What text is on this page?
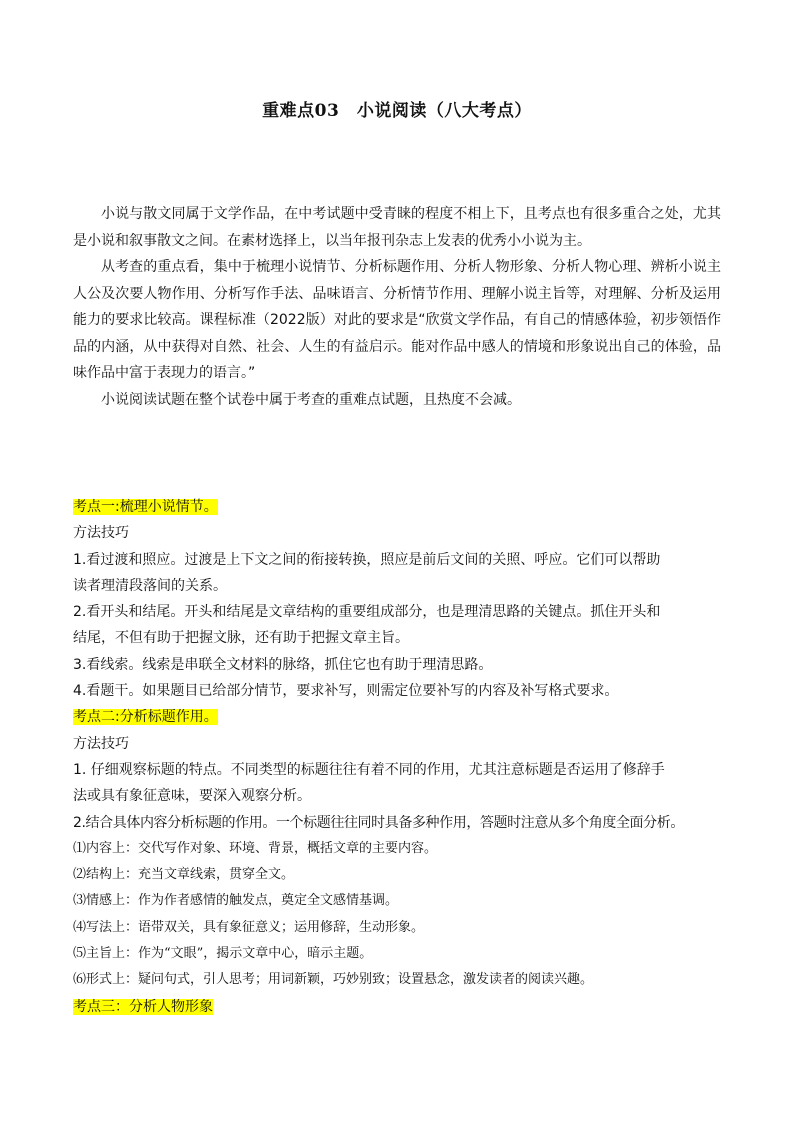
重难点03　小说阅读（八大考点）

小说与散文同属于文学作品，在中考试题中受青睐的程度不相上下，且考点也有很多重合之处，尤其是小说和叙事散文之间。在素材选择上，以当年报刊杂志上发表的优秀小小说为主。

从考查的重点看，集中于梳理小说情节、分析标题作用、分析人物形象、分析人物心理、辨析小说主人公及次要人物作用、分析写作手法、品味语言、分析情节作用、理解小说主旨等，对理解、分析及运用能力的要求比较高。课程标准（2022版）对此的要求是“欣赏文学作品，有自己的情感体验，初步领悟作品的内涵，从中获得对自然、社会、人生的有益启示。能对作品中感人的情境和形象说出自己的体验，品味作品中富于表现力的语言。”

小说阅读试题在整个试卷中属于考查的重难点试题，且热度不会减。

考点一:梳理小说情节。
方法技巧
1.看过渡和照应。过渡是上下文之间的衔接转换，照应是前后文间的关照、呼应。它们可以帮助
读者理清段落间的关系。
2.看开头和结尾。开头和结尾是文章结构的重要组成部分，也是理清思路的关键点。抓住开头和
结尾，不但有助于把握文脉，还有助于把握文章主旨。
3.看线索。线索是串联全文材料的脉络，抓住它也有助于理清思路。
4.看题干。如果题目已给部分情节，要求补写，则需定位要补写的内容及补写格式要求。
考点二:分析标题作用。
方法技巧
1. 仔细观察标题的特点。不同类型的标题往往有着不同的作用，尤其注意标题是否运用了修辞手
法或具有象征意味，要深入观察分析。
2.结合具体内容分析标题的作用。一个标题往往同时具备多种作用，答题时注意从多个角度全面分析。
⑴内容上：交代写作对象、环境、背景，概括文章的主要内容。
⑵结构上：充当文章线索，贯穿全文。
⑶情感上：作为作者感情的触发点，奠定全文感情基调。
⑷写法上：语带双关，具有象征意义；运用修辞，生动形象。
⑸主旨上：作为“文眼”，揭示文章中心，暗示主题。
⑹形式上：疑问句式，引人思考；用词新颖，巧妙别致；设置悬念，激发读者的阅读兴趣。
考点三：分析人物形象
